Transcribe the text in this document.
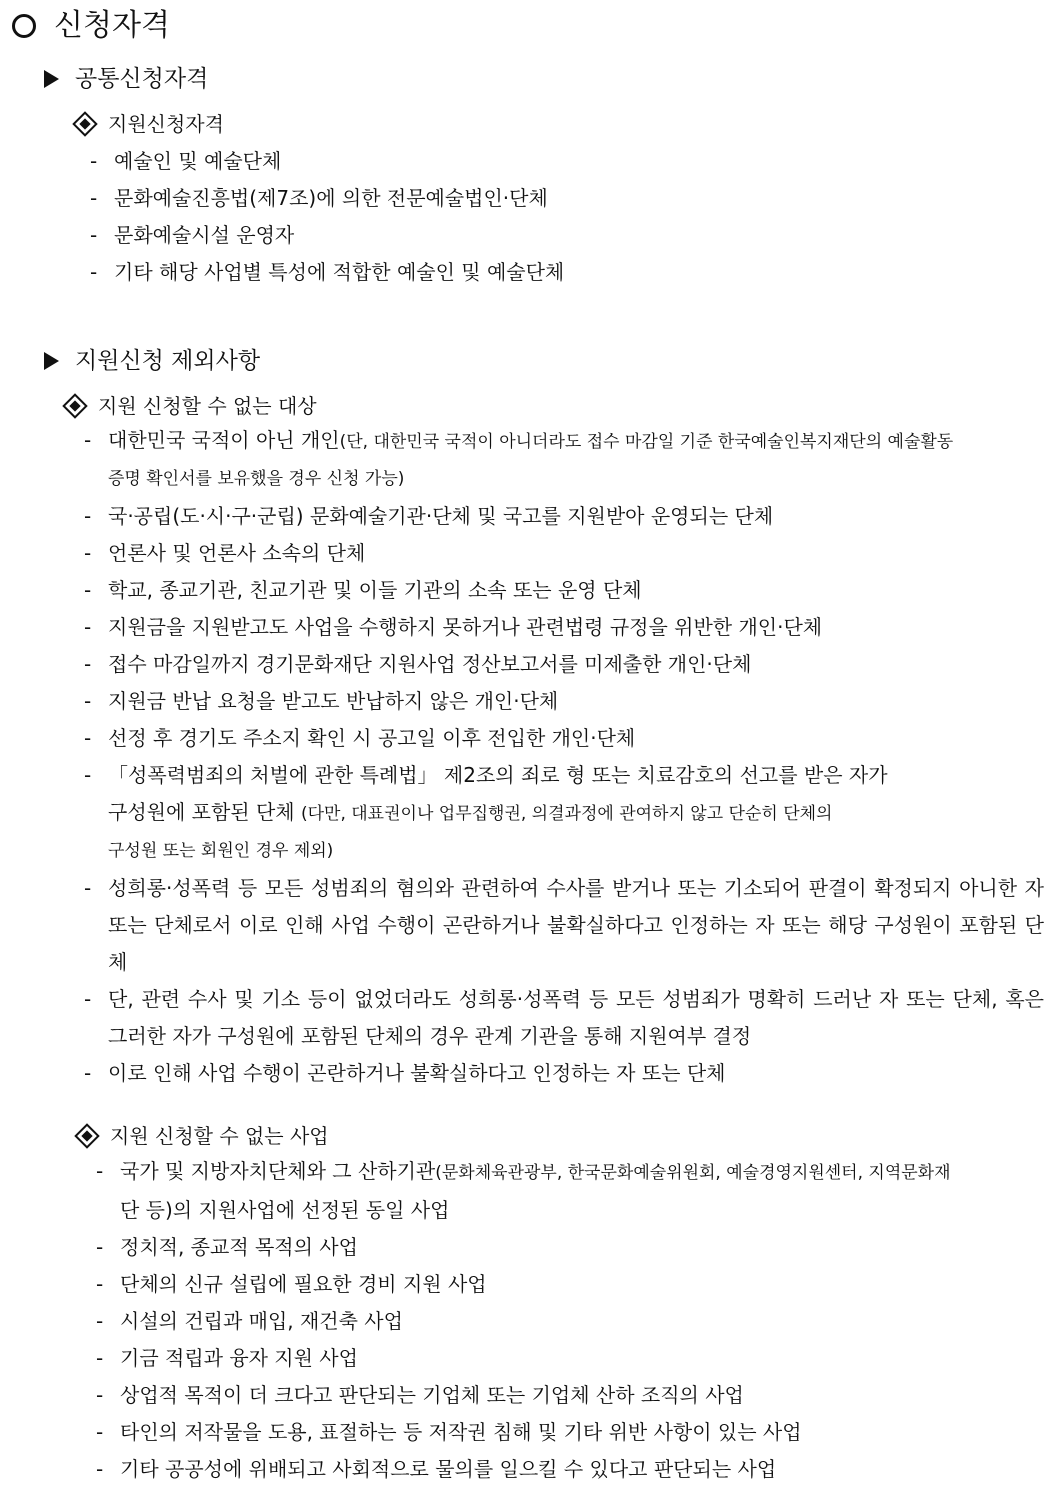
신청자격
공통신청자격
지원신청자격
- 예술인 및 예술단체
- 문화예술진흥법(제7조)에 의한 전문예술법인·단체
- 문화예술시설 운영자
- 기타 해당 사업별 특성에 적합한 예술인 및 예술단체
지원신청 제외사항
지원 신청할 수 없는 대상
- 대한민국 국적이 아닌 개인(단, 대한민국 국적이 아니더라도 접수 마감일 기준 한국예술인복지재단의 예술활동
증명 확인서를 보유했을 경우 신청 가능)
- 국·공립(도·시·구·군립) 문화예술기관·단체 및 국고를 지원받아 운영되는 단체
- 언론사 및 언론사 소속의 단체
- 학교, 종교기관, 친교기관 및 이들 기관의 소속 또는 운영 단체
- 지원금을 지원받고도 사업을 수행하지 못하거나 관련법령 규정을 위반한 개인·단체
- 접수 마감일까지 경기문화재단 지원사업 정산보고서를 미제출한 개인·단체
- 지원금 반납 요청을 받고도 반납하지 않은 개인·단체
- 선정 후 경기도 주소지 확인 시 공고일 이후 전입한 개인·단체
- 「성폭력범죄의 처벌에 관한 특례법」 제2조의 죄로 형 또는 치료감호의 선고를 받은 자가
구성원에 포함된 단체 (다만, 대표권이나 업무집행권, 의결과정에 관여하지 않고 단순히 단체의
구성원 또는 회원인 경우 제외)
- 성희롱·성폭력 등 모든 성범죄의 혐의와 관련하여 수사를 받거나 또는 기소되어 판결이 확정되지 아니한 자 또는 단체로서 이로 인해 사업 수행이 곤란하거나 불확실하다고 인정하는 자 또는 해당 구성원이 포함된 단체
- 단, 관련 수사 및 기소 등이 없었더라도 성희롱·성폭력 등 모든 성범죄가 명확히 드러난 자 또는 단체, 혹은 그러한 자가 구성원에 포함된 단체의 경우 관계 기관을 통해 지원여부 결정
- 이로 인해 사업 수행이 곤란하거나 불확실하다고 인정하는 자 또는 단체
지원 신청할 수 없는 사업
- 국가 및 지방자치단체와 그 산하기관(문화체육관광부, 한국문화예술위원회, 예술경영지원센터, 지역문화재
단 등)의 지원사업에 선정된 동일 사업
- 정치적, 종교적 목적의 사업
- 단체의 신규 설립에 필요한 경비 지원 사업
- 시설의 건립과 매입, 재건축 사업
- 기금 적립과 융자 지원 사업
- 상업적 목적이 더 크다고 판단되는 기업체 또는 기업체 산하 조직의 사업
- 타인의 저작물을 도용, 표절하는 등 저작권 침해 및 기타 위반 사항이 있는 사업
- 기타 공공성에 위배되고 사회적으로 물의를 일으킬 수 있다고 판단되는 사업
